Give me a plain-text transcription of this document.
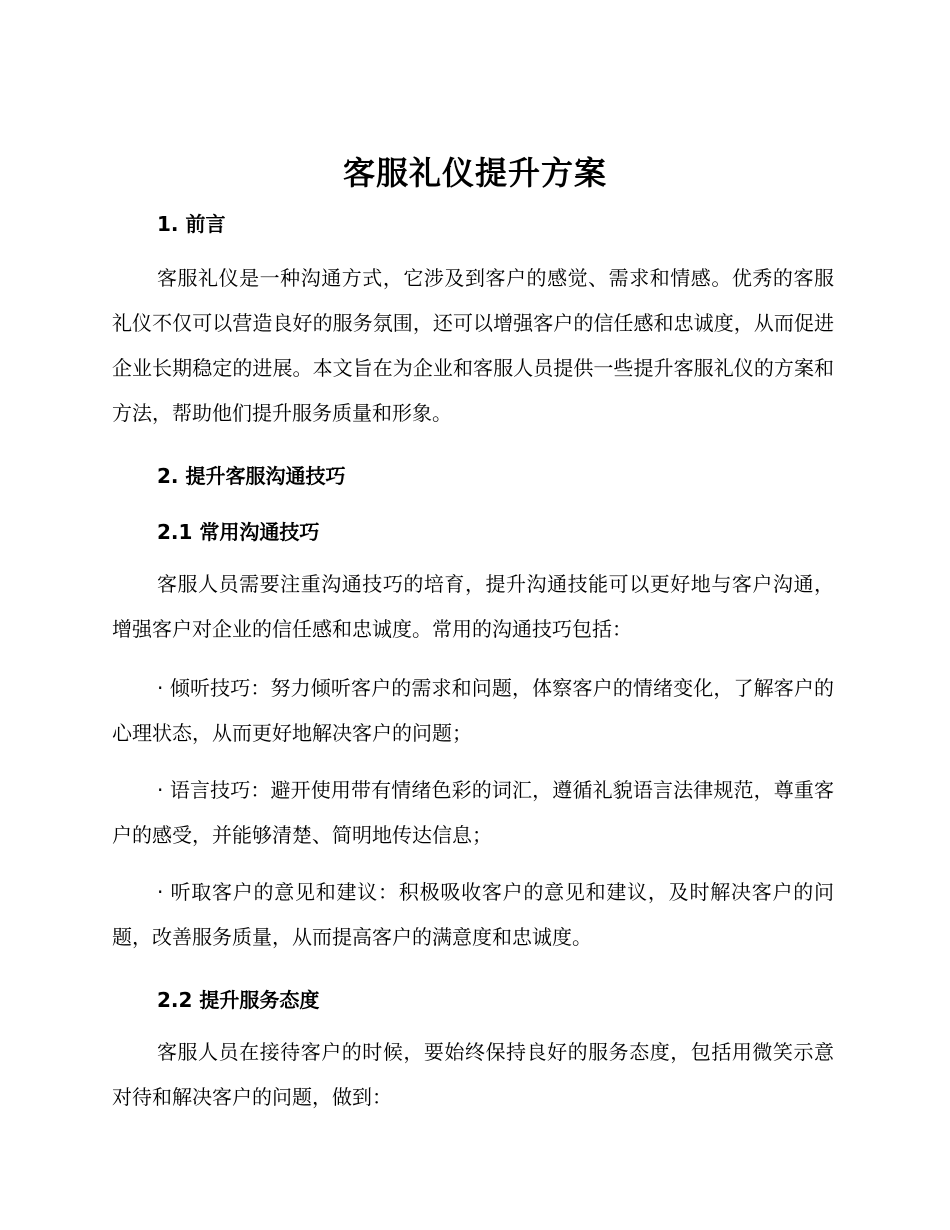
客服礼仪提升方案
1. 前言

客服礼仪是一种沟通方式，它涉及到客户的感觉、需求和情感。优秀的客服礼仪不仅可以营造良好的服务氛围，还可以增强客户的信任感和忠诚度，从而促进企业长期稳定的进展。本文旨在为企业和客服人员提供一些提升客服礼仪的方案和方法，帮助他们提升服务质量和形象。

2. 提升客服沟通技巧
2.1 常用沟通技巧

客服人员需要注重沟通技巧的培育，提升沟通技能可以更好地与客户沟通，增强客户对企业的信任感和忠诚度。常用的沟通技巧包括：

· 倾听技巧：努力倾听客户的需求和问题，体察客户的情绪变化，了解客户的心理状态，从而更好地解决客户的问题；

· 语言技巧：避开使用带有情绪色彩的词汇，遵循礼貌语言法律规范，尊重客户的感受，并能够清楚、简明地传达信息；

· 听取客户的意见和建议：积极吸收客户的意见和建议，及时解决客户的问题，改善服务质量，从而提高客户的满意度和忠诚度。

2.2 提升服务态度

客服人员在接待客户的时候，要始终保持良好的服务态度，包括用微笑示意对待和解决客户的问题，做到：
